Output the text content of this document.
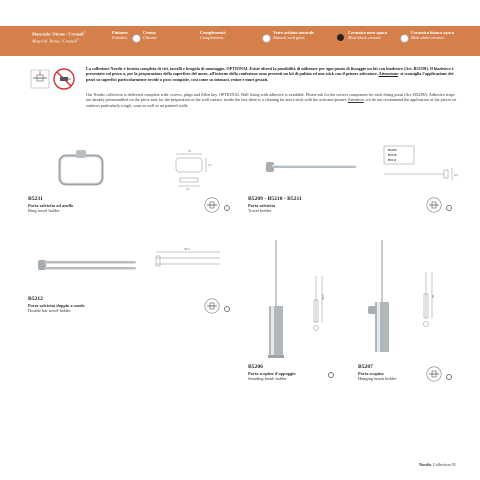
Materiale: Ottone / Cromall®
Material: Brass / Cromall®
Finiture:
Finishes:
Cromo
Chrome
Complementi:
Complements:
Vetro acidato naturale
Natural acid glass
Ceramica nera opaca
Matt black ceramic
Ceramica bianca opaca
Matt white ceramic
La collezione Nordic è fornita completa di viti, tasselli e brugola di montaggio. OPTIONAL Esiste altresì la possibilità di utilizzare per ogni punto di fissaggio un kit con biadesivo (Art. B5239I). Il biadesivo è presentato sul pezzo a, per la preparazione della superficie del muro, all'interno della confezione sono presenti un kit di pulizia ed uno stick con il primer attivatore. Attenzione: si sconsiglia l'applicazione dei pezzi su superfici particolarmente rovide o poco compatte, così come su intonaci, resine e muri gessati.
Our Nordic collection is delivered complete with: screws, plugs and Allen key. OPTIONAL Wall fixing with adhesive is available. Please ask for the correct component for each fixing point (Art. B5239I). Adhesive strips are already preassembled on the piece and, for the preparation of the wall surface, inside the box there is a cleaning kit and a stick with the activator/primer. Attention: we do not recommend the application of the pieces on surfaces particularly rough, coats as well as on painted walls.
21
13
10
B5231
Porta salvietta ad anello
Ring towel holder
B5209
B5210
B5211
6,5
B5209 - B5210 - B5211
Porta salvietta
Towel holder
39,5
B5212
Porta salvietta doppio a snodo
Double bar towel holder
39,5
B5206
Porta scopino d'appoggio
Standing brush holder
39
B5207
Porta scopino
Hanging brush holder
Nordic Collection 91
